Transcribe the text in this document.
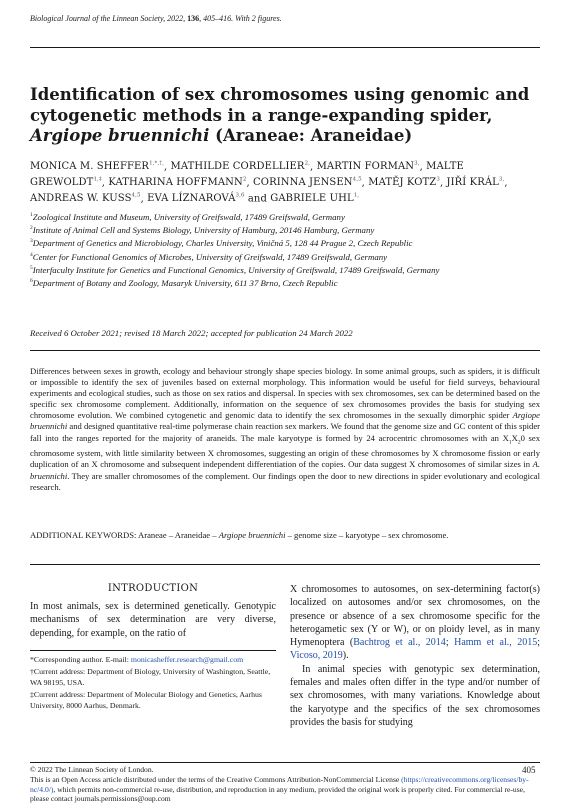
Biological Journal of the Linnean Society, 2022, 136, 405–416. With 2 figures.
Identification of sex chromosomes using genomic and
cytogenetic methods in a range-expanding spider,
Argiope bruennichi (Araneae: Araneidae)
MONICA M. $SHEFFER^{1,*,\dagger,}$, MATHILDE $CORDELLIER^{2,}$, MARTIN $FORMAN^{3,}$, MALTE $GREWOLDT^{1,\ddagger}$, KATHARINA HOFFMANN$^2$, CORINNA JENSEN$^{4,5}$, MATĚJ KOTZ$^3$, JIŘÍ $KRÁL^{3,}$, ANDREAS W. KUSS$^{4,5}$, EVA LÍZNAROVÁ$^{3,6}$ and GABRIELE $UHL^{1,}$
$^1$Zoological Institute and Museum, University of Greifswald, 17489 Greifswald, Germany
$^2$Institute of Animal Cell and Systems Biology, University of Hamburg, 20146 Hamburg, Germany
$^3$Department of Genetics and Microbiology, Charles University, Viničná 5, 128 44 Prague 2, Czech Republic
$^4$Center for Functional Genomics of Microbes, University of Greifswald, 17489 Greifswald, Germany
$^5$Interfaculty Institute for Genetics and Functional Genomics, University of Greifswald, 17489 Greifswald, Germany
$^6$Department of Botany and Zoology, Masaryk University, 611 37 Brno, Czech Republic
Received 6 October 2021; revised 18 March 2022; accepted for publication 24 March 2022
Differences between sexes in growth, ecology and behaviour strongly shape species biology. In some animal groups, such as spiders, it is difficult or impossible to identify the sex of juveniles based on external morphology. This information would be useful for field surveys, behavioural experiments and ecological studies, such as those on sex ratios and dispersal. In species with sex chromosomes, sex can be determined based on the specific sex chromosome complement. Additionally, information on the sequence of sex chromosomes provides the basis for studying sex chromosome evolution. We combined cytogenetic and genomic data to identify the sex chromosomes in the sexually dimorphic spider Argiope bruennichi and designed quantitative real-time polymerase chain reaction sex markers. We found that the genome size and GC content of this spider fall into the ranges reported for the majority of araneids. The male karyotype is formed by 24 acrocentric chromosomes with an $X_1X_20$ sex chromosome system, with little similarity between X chromosomes, suggesting an origin of these chromosomes by X chromosome fission or early duplication of an X chromosome and subsequent independent differentiation of the copies. Our data suggest X chromosomes of similar sizes in A. bruennichi. They are smaller chromosomes of the complement. Our findings open the door to new directions in spider evolutionary and ecological research.
ADDITIONAL KEYWORDS: Araneae – Araneidae – Argiope bruennichi – genome size – karyotype – sex chromosome.
INTRODUCTION
In most animals, sex is determined genetically. Genotypic mechanisms of sex determination are very diverse, depending, for example, on the ratio of

*Corresponding author. E-mail: monicasheffer.research@gmail.com

†Current address: Department of Biology, University of Washington, Seattle, WA 98195, USA.

‡Current address: Department of Molecular Biology and Genetics, Aarhus University, 8000 Aarhus, Denmark.

X chromosomes to autosomes, on sex-determining factor(s) localized on autosomes and/or sex chromosomes, on the presence or absence of a sex chromosome specific for the heterogametic sex (Y or W), or on ploidy level, as in many Hymenoptera (Bachtrog et al., 2014; Hamm et al., 2015; Vicoso, 2019).
In animal species with genotypic sex determination, females and males often differ in the type and/or number of sex chromosomes, with many variations. Knowledge about the karyotype and the specifics of the sex chromosomes provides the basis for studying
© 2022 The Linnean Society of London.
This is an Open Access article distributed under the terms of the Creative Commons Attribution-NonCommercial License (https://creativecommons.org/licenses/by-nc/4.0/), which permits non-commercial re-use, distribution, and reproduction in any medium, provided the original work is properly cited. For commercial re-use, please contact journals.permissions@oup.com
405
